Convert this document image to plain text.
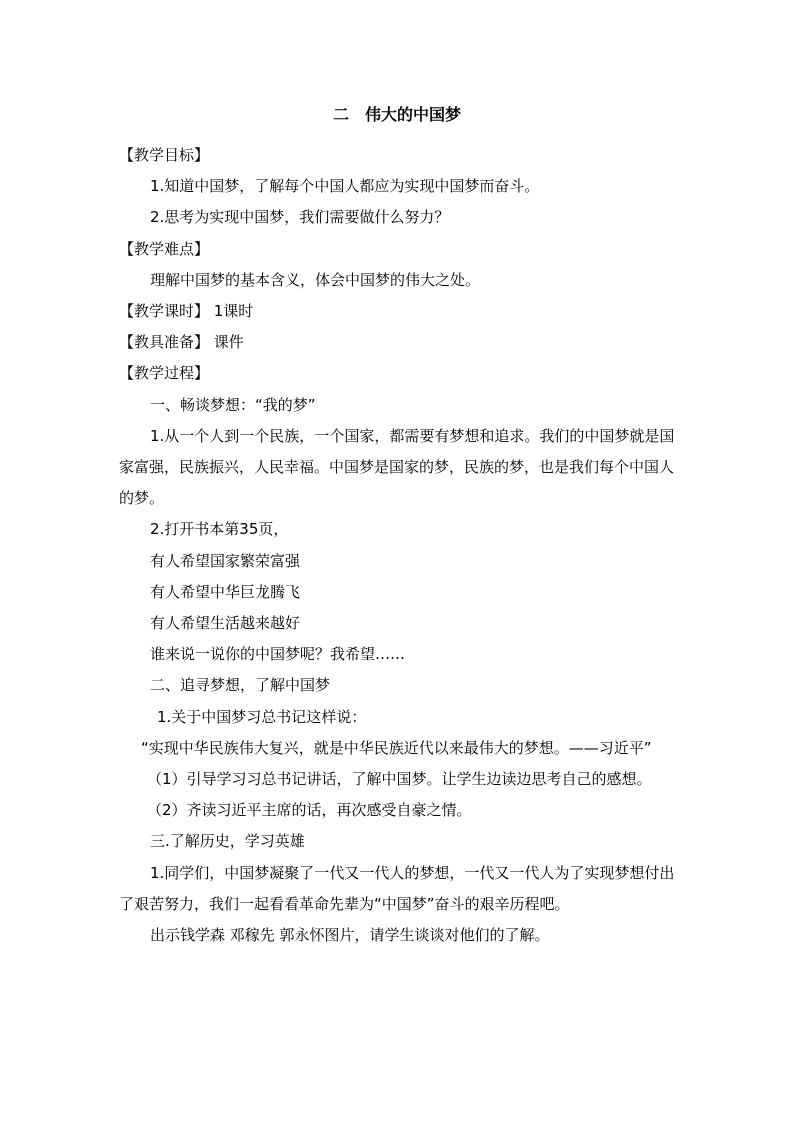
二　伟大的中国梦

【教学目标】

1.知道中国梦，了解每个中国人都应为实现中国梦而奋斗。

2.思考为实现中国梦，我们需要做什么努力？

【教学难点】

理解中国梦的基本含义，体会中国梦的伟大之处。

【教学课时】 1课时

【教具准备】 课件

【教学过程】

一、畅谈梦想：“我的梦”

1.从一个人到一个民族，一个国家，都需要有梦想和追求。我们的中国梦就是国家富强，民族振兴，人民幸福。中国梦是国家的梦，民族的梦，也是我们每个中国人的梦。

2.打开书本第35页，

有人希望国家繁荣富强

有人希望中华巨龙腾飞

有人希望生活越来越好

谁来说一说你的中国梦呢？我希望……

二、追寻梦想，了解中国梦

1.关于中国梦习总书记这样说：

“实现中华民族伟大复兴，就是中华民族近代以来最伟大的梦想。——习近平”

（1）引导学习习总书记讲话，了解中国梦。让学生边读边思考自己的感想。

（2）齐读习近平主席的话，再次感受自豪之情。

三.了解历史，学习英雄

1.同学们，中国梦凝聚了一代又一代人的梦想，一代又一代人为了实现梦想付出了艰苦努力，我们一起看看革命先辈为“中国梦”奋斗的艰辛历程吧。

出示钱学森 邓稼先 郭永怀图片，请学生谈谈对他们的了解。
